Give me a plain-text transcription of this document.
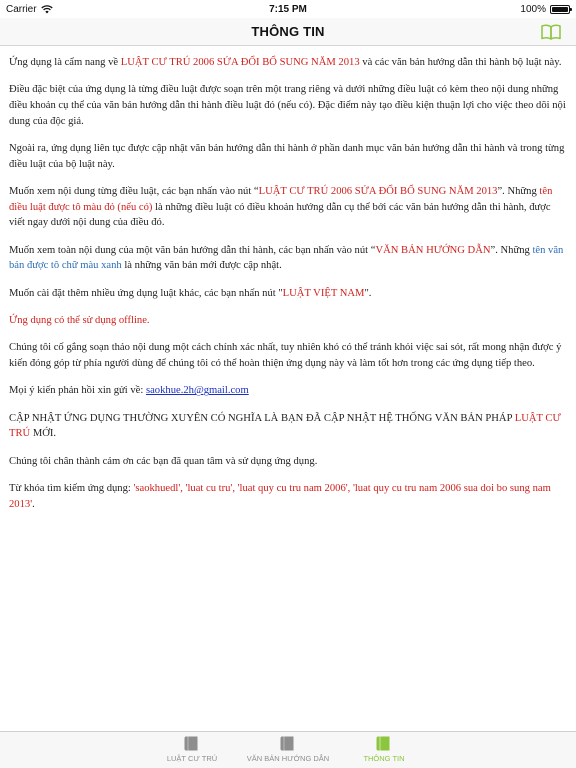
Carrier	7:15 PM	100%
THÔNG TIN

Ứng dụng là cẩm nang về LUẬT CƯ TRÚ 2006 SỬA ĐỔI BỔ SUNG NĂM 2013 và các văn bản hướng dẫn thi hành bộ luật này.

Điều đặc biệt của ứng dụng là từng điều luật được soạn trên một trang riêng và dưới những điều luật có kèm theo nội dung những điều khoản cụ thể của văn bản hướng dẫn thi hành điều luật đó (nếu có). Đặc điểm này tạo điều kiện thuận lợi cho việc theo dõi nội dung của độc giả.

Ngoài ra, ứng dụng liên tục được cập nhật văn bản hướng dẫn thi hành ở phần danh mục văn bản hướng dẫn thi hành và trong từng điều luật của bộ luật này.

Muốn xem nội dung từng điều luật, các bạn nhấn vào nút “LUẬT CƯ TRÚ 2006 SỬA ĐỔI BỔ SUNG NĂM 2013”. Những tên điều luật được tô màu đỏ (nếu có) là những điều luật có điều khoản hướng dẫn cụ thể bởi các văn bản hướng dẫn thi hành, được viết ngay dưới nội dung của điều đó.

Muốn xem toàn nội dung của một văn bản hướng dẫn thi hành, các bạn nhấn vào nút “VĂN BẢN HƯỚNG DẪN”. Những tên văn bản được tô chữ màu xanh là những văn bản mới được cập nhật.

Muốn cài đặt thêm nhiều ứng dụng luật khác, các bạn nhấn nút "LUẬT VIỆT NAM".

Ứng dụng có thể sử dụng offline.

Chúng tôi cố gắng soạn thảo nội dung một cách chính xác nhất, tuy nhiên khó có thể tránh khỏi việc sai sót, rất mong nhận được ý kiến đóng góp từ phía người dùng để chúng tôi có thể hoàn thiện ứng dụng này và làm tốt hơn trong các ứng dụng tiếp theo.

Mọi ý kiến phản hồi xin gửi về: saokhue.2h@gmail.com

CẬP NHẬT ỨNG DỤNG THƯỜNG XUYÊN CÓ NGHĨA LÀ BẠN ĐÃ CẬP NHẬT HỆ THỐNG VĂN BẢN PHÁP LUẬT CƯ TRÚ MỚI.

Chúng tôi chân thành cảm ơn các bạn đã quan tâm và sử dụng ứng dụng.

Từ khóa tìm kiếm ứng dụng: 'saokhuedl', 'luat cu tru', 'luat quy cu tru nam 2006', 'luat quy cu tru nam 2006 sua doi bo sung nam 2013'.

LUẬT CƯ TRÚ	VĂN BẢN HƯỚNG DẪN	THÔNG TIN
